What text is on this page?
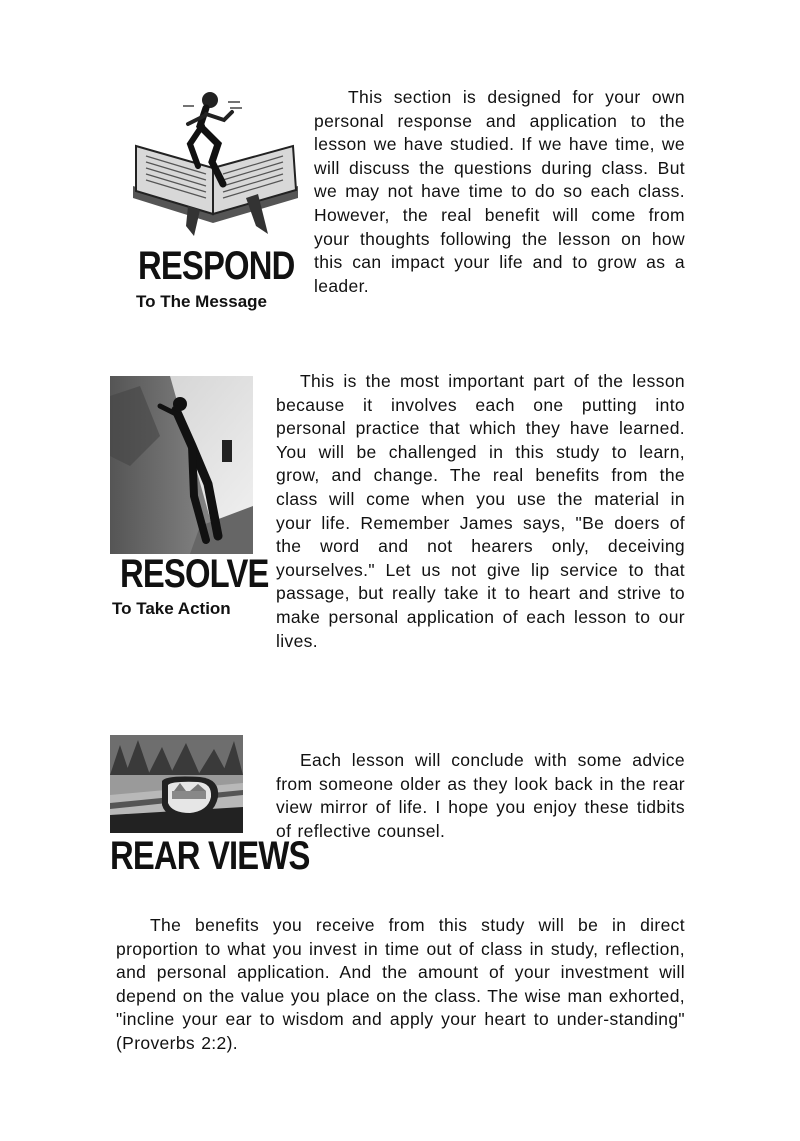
RESPOND
To The Message

This section is designed for your own personal response and application to the lesson we have studied. If we have time, we will discuss the questions during class. But we may not have time to do so each class. However, the real benefit will come from your thoughts following the lesson on how this can impact your life and to grow as a leader.

RESOLVE
To Take Action

This is the most important part of the lesson because it involves each one putting into personal practice that which they have learned. You will be challenged in this study to learn, grow, and change. The real benefits from the class will come when you use the material in your life. Remember James says, "Be doers of the word and not hearers only, deceiving yourselves." Let us not give lip service to that passage, but really take it to heart and strive to make personal application of each lesson to our lives.

REAR VIEWS

Each lesson will conclude with some advice from someone older as they look back in the rear view mirror of life. I hope you enjoy these tidbits of reflective counsel.

The benefits you receive from this study will be in direct proportion to what you invest in time out of class in study, reflection, and personal application. And the amount of your investment will depend on the value you place on the class. The wise man exhorted, "incline your ear to wisdom and apply your heart to under-standing" (Proverbs 2:2).
